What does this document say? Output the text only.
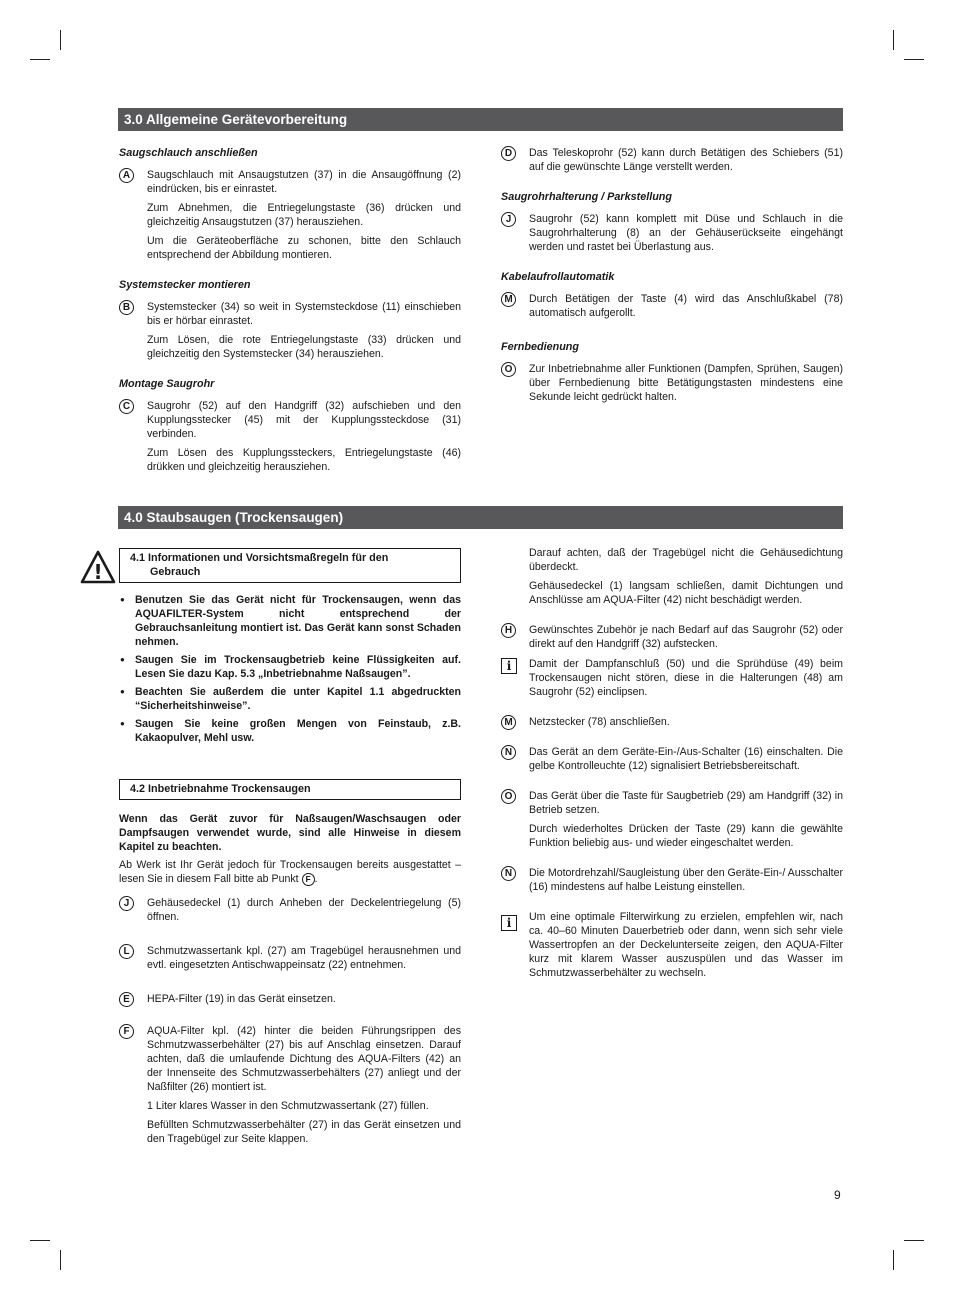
3.0 Allgemeine Gerätevorbereitung
Saugschlauch anschließen
A	Saugschlauch mit Ansaugstutzen (37) in die Ansaugöffnung (2) eindrücken, bis er einrastet.

Zum Abnehmen, die Entriegelungstaste (36) drücken und gleichzeitig Ansaugstutzen (37) herausziehen.

Um die Geräteoberfläche zu schonen, bitte den Schlauch entsprechend der Abbildung montieren.

Systemstecker montieren
B	Systemstecker (34) so weit in Systemsteckdose (11) einschieben bis er hörbar einrastet.

Zum Lösen, die rote Entriegelungstaste (33) drücken und gleichzeitig den Systemstecker (34) herausziehen.

Montage Saugrohr
C	Saugrohr (52) auf den Handgriff (32) aufschieben und den Kupplungsstecker (45) mit der Kupplungssteckdose (31) verbinden.

Zum Lösen des Kupplungssteckers, Entriegelungstaste (46) drükken und gleichzeitig herausziehen.

D	Das Teleskoprohr (52) kann durch Betätigen des Schiebers (51) auf die gewünschte Länge verstellt werden.

Saugrohrhalterung / Parkstellung
J	Saugrohr (52) kann komplett mit Düse und Schlauch in die Saugrohrhalterung (8) an der Gehäuserückseite eingehängt werden und rastet bei Überlastung aus.

Kabelaufrollautomatik
M	Durch Betätigen der Taste (4) wird das Anschlußkabel (78) automatisch aufgerollt.

Fernbedienung
O	Zur Inbetriebnahme aller Funktionen (Dampfen, Sprühen, Saugen) über Fernbedienung bitte Betätigungstasten mindestens eine Sekunde leicht gedrückt halten.

4.0 Staubsaugen (Trockensaugen)
!
4.1 Informationen und Vorsichtsmaßregeln für den
Gebrauch
● Benutzen Sie das Gerät nicht für Trockensaugen, wenn das AQUAFILTER-System nicht entsprechend der Gebrauchsanleitung montiert ist. Das Gerät kann sonst Schaden nehmen.
● Saugen Sie im Trockensaugbetrieb keine Flüssigkeiten auf. Lesen Sie dazu Kap. 5.3 „Inbetriebnahme Naßsaugen”.
● Beachten Sie außerdem die unter Kapitel 1.1 abgedruckten “Sicherheitshinweise”.
● Saugen Sie keine großen Mengen von Feinstaub, z.B. Kakaopulver, Mehl usw.
4.2 Inbetriebnahme Trockensaugen

Wenn das Gerät zuvor für Naßsaugen/Waschsaugen oder Dampfsaugen verwendet wurde, sind alle Hinweise in diesem Kapitel zu beachten.

Ab Werk ist Ihr Gerät jedoch für Trockensaugen bereits ausgestattet – lesen Sie in diesem Fall bitte ab Punkt F .

J	Gehäusedeckel (1) durch Anheben der Deckelentriegelung (5) öffnen.

L	Schmutzwassertank kpl. (27) am Tragebügel herausnehmen und evtl. eingesetzten Antischwappeinsatz (22) entnehmen.

E	HEPA-Filter (19) in das Gerät einsetzen.

F	AQUA-Filter kpl. (42) hinter die beiden Führungsrippen des Schmutzwasserbehälter (27) bis auf Anschlag einsetzen. Darauf achten, daß die umlaufende Dichtung des AQUA-Filters (42) an der Innenseite des Schmutzwasserbehälters (27) anliegt und der Naßfilter (26) montiert ist.

1 Liter klares Wasser in den Schmutzwassertank (27) füllen.

Befüllten Schmutzwasserbehälter (27) in das Gerät einsetzen und den Tragebügel zur Seite klappen.

Darauf achten, daß der Tragebügel nicht die Gehäusedichtung überdeckt.

Gehäusedeckel (1) langsam schließen, damit Dichtungen und Anschlüsse am AQUA-Filter (42) nicht beschädigt werden.

H	Gewünschtes Zubehör je nach Bedarf auf das Saugrohr (52) oder direkt auf den Handgriff (32) aufstecken.

i	Damit der Dampfanschluß (50) und die Sprühdüse (49) beim Trockensaugen nicht stören, diese in die Halterungen (48) am Saugrohr (52) einclipsen.

M	Netzstecker (78) anschließen.

N	Das Gerät an dem Geräte-Ein-/Aus-Schalter (16) einschalten. Die gelbe Kontrolleuchte (12) signalisiert Betriebsbereitschaft.

O	Das Gerät über die Taste für Saugbetrieb (29) am Handgriff (32) in Betrieb setzen.

Durch wiederholtes Drücken der Taste (29) kann die gewählte Funktion beliebig aus- und wieder eingeschaltet werden.

N	Die Motordrehzahl/Saugleistung über den Geräte-Ein-/ Ausschalter (16) mindestens auf halbe Leistung einstellen.

i	Um eine optimale Filterwirkung zu erzielen, empfehlen wir, nach ca. 40–60 Minuten Dauerbetrieb oder dann, wenn sich sehr viele Wassertropfen an der Deckelunterseite zeigen, den AQUA-Filter kurz mit klarem Wasser auszuspülen und das Wasser im Schmutzwasserbehälter zu wechseln.

9
